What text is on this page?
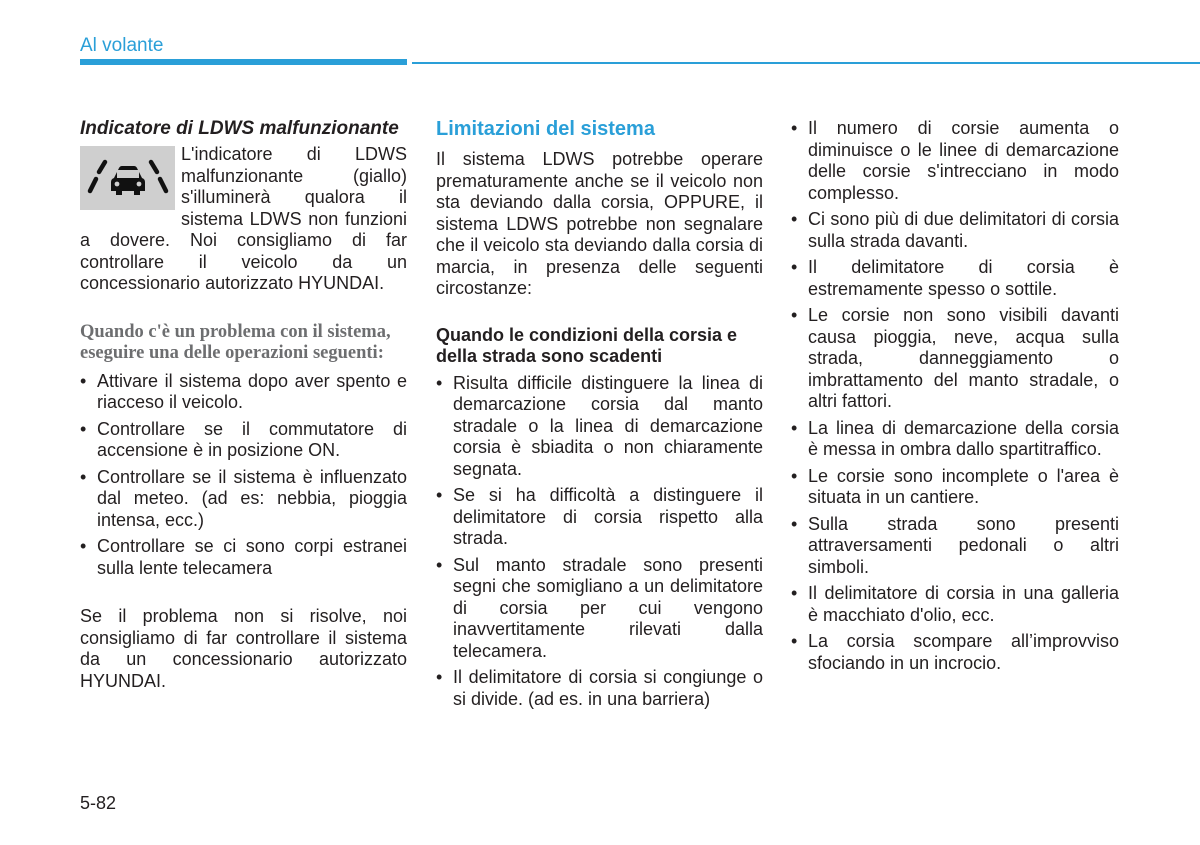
Al volante
Indicatore di LDWS malfunzionante

L'indicatore di LDWS malfunzionante (giallo) s'illuminerà qualora il sistema LDWS non funzioni a dovere. Noi consigliamo di far controllare il veicolo da un concessionario autorizzato HYUNDAI.

Quando c'è un problema con il sistema, eseguire una delle operazioni seguenti:
• Attivare il sistema dopo aver spento e riacceso il veicolo.
• Controllare se il commutatore di accensione è in posizione ON.
• Controllare se il sistema è influenzato dal meteo. (ad es: nebbia, pioggia intensa, ecc.)
• Controllare se ci sono corpi estranei sulla lente telecamera
Se il problema non si risolve, noi consigliamo di far controllare il sistema da un concessionario autorizzato HYUNDAI.
Limitazioni del sistema
Il sistema LDWS potrebbe operare prematuramente anche se il veicolo non sta deviando dalla corsia, OPPURE, il sistema LDWS potrebbe non segnalare che il veicolo sta deviando dalla corsia di marcia, in presenza delle seguenti circostanze:
Quando le condizioni della corsia e della strada sono scadenti
• Risulta difficile distinguere la linea di demarcazione corsia dal manto stradale o la linea di demarcazione corsia è sbiadita o non chiaramente segnata.
• Se si ha difficoltà a distinguere il delimitatore di corsia rispetto alla strada.
• Sul manto stradale sono presenti segni che somigliano a un delimitatore di corsia per cui vengono inavvertitamente rilevati dalla telecamera.
• Il delimitatore di corsia si congiunge o si divide. (ad es. in una barriera)
• Il numero di corsie aumenta o diminuisce o le linee di demarcazione delle corsie s'intrecciano in modo complesso.
• Ci sono più di due delimitatori di corsia sulla strada davanti.
• Il delimitatore di corsia è estremamente spesso o sottile.
• Le corsie non sono visibili davanti causa pioggia, neve, acqua sulla strada, danneggiamento o imbrattamento del manto stradale, o altri fattori.
• La linea di demarcazione della corsia è messa in ombra dallo spartitraffico.
• Le corsie sono incomplete o l'area è situata in un cantiere.
• Sulla strada sono presenti attraversamenti pedonali o altri simboli.
• Il delimitatore di corsia in una galleria è macchiato d'olio, ecc.
• La corsia scompare all’improvviso sfociando in un incrocio.
5-82
